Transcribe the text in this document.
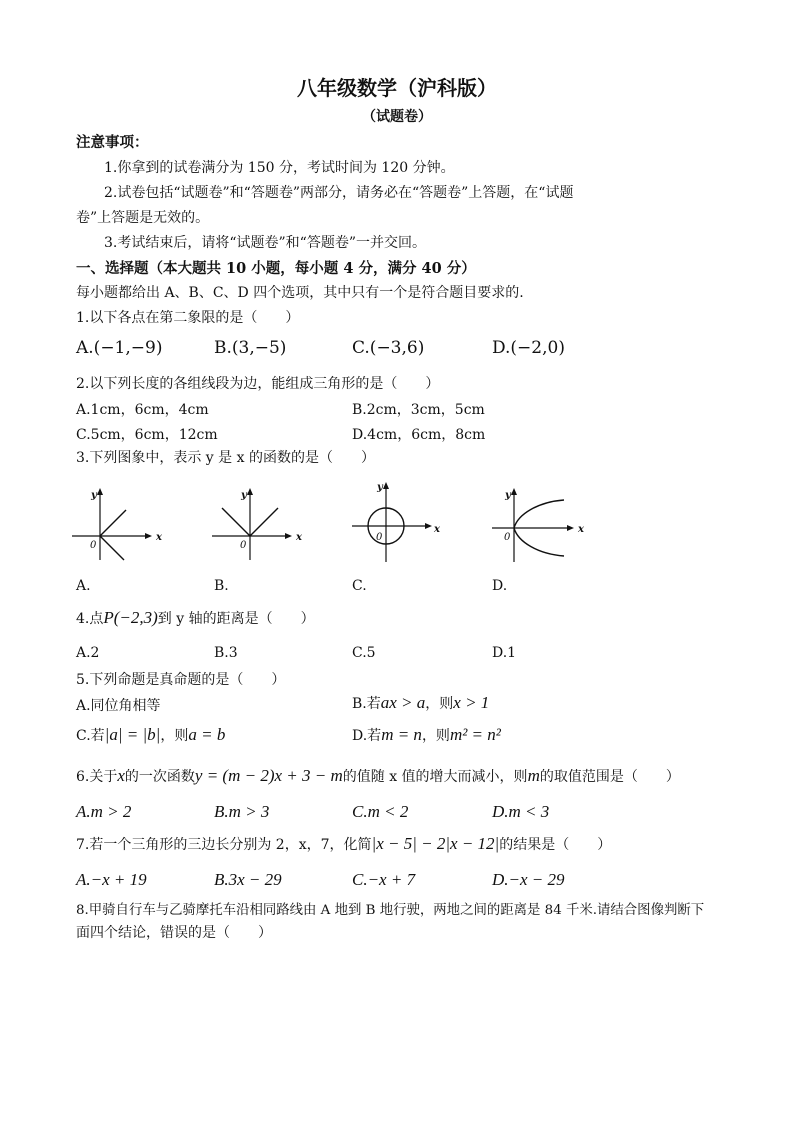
八年级数学（沪科版）
（试题卷）
注意事项：
1.你拿到的试卷满分为 150 分，考试时间为 120 分钟。
2.试卷包括“试题卷”和“答题卷”两部分，请务必在“答题卷”上答题，在“试题
卷”上答题是无效的。
3.考试结束后，请将“试题卷”和“答题卷”一并交回。
一、选择题（本大题共 10 小题，每小题 4 分，满分 40 分）
每小题都给出 A、B、C、D 四个选项，其中只有一个是符合题目要求的.
1.以下各点在第二象限的是（　　）
A.(−1,−9)	B.(3,−5)	C.(−3,6)	D.(−2,0)
2.以下列长度的各组线段为边，能组成三角形的是（　　）
A.1cm，6cm，4cm	B.2cm，3cm，5cm
C.5cm，6cm，12cm	D.4cm，6cm，8cm
3.下列图象中，表示 y 是 x 的函数的是（　　）
y
x
0
y
x
0
y
x
0
y
x
0
A.	B.	C.	D.
4.点P(−2,3)到 y 轴的距离是（　　）
A.2	B.3	C.5	D.1
5.下列命题是真命题的是（　　）
A.同位角相等	B.若ax > a，则x > 1
C.若|a| = |b|，则a = b	D.若m = n，则m² = n²
6.关于x的一次函数y = (m − 2)x + 3 − m的值随 x 值的增大而减小，则m的取值范围是（　　）
A.m > 2	B.m > 3	C.m < 2	D.m < 3
7.若一个三角形的三边长分别为 2，x，7，化简|x − 5| − 2|x − 12|的结果是（　　）
A.−x + 19	B.3x − 29	C.−x + 7	D.−x − 29
8.甲骑自行车与乙骑摩托车沿相同路线由 A 地到 B 地行驶，两地之间的距离是 84 千米.请结合图像判断下
面四个结论，错误的是（　　）
